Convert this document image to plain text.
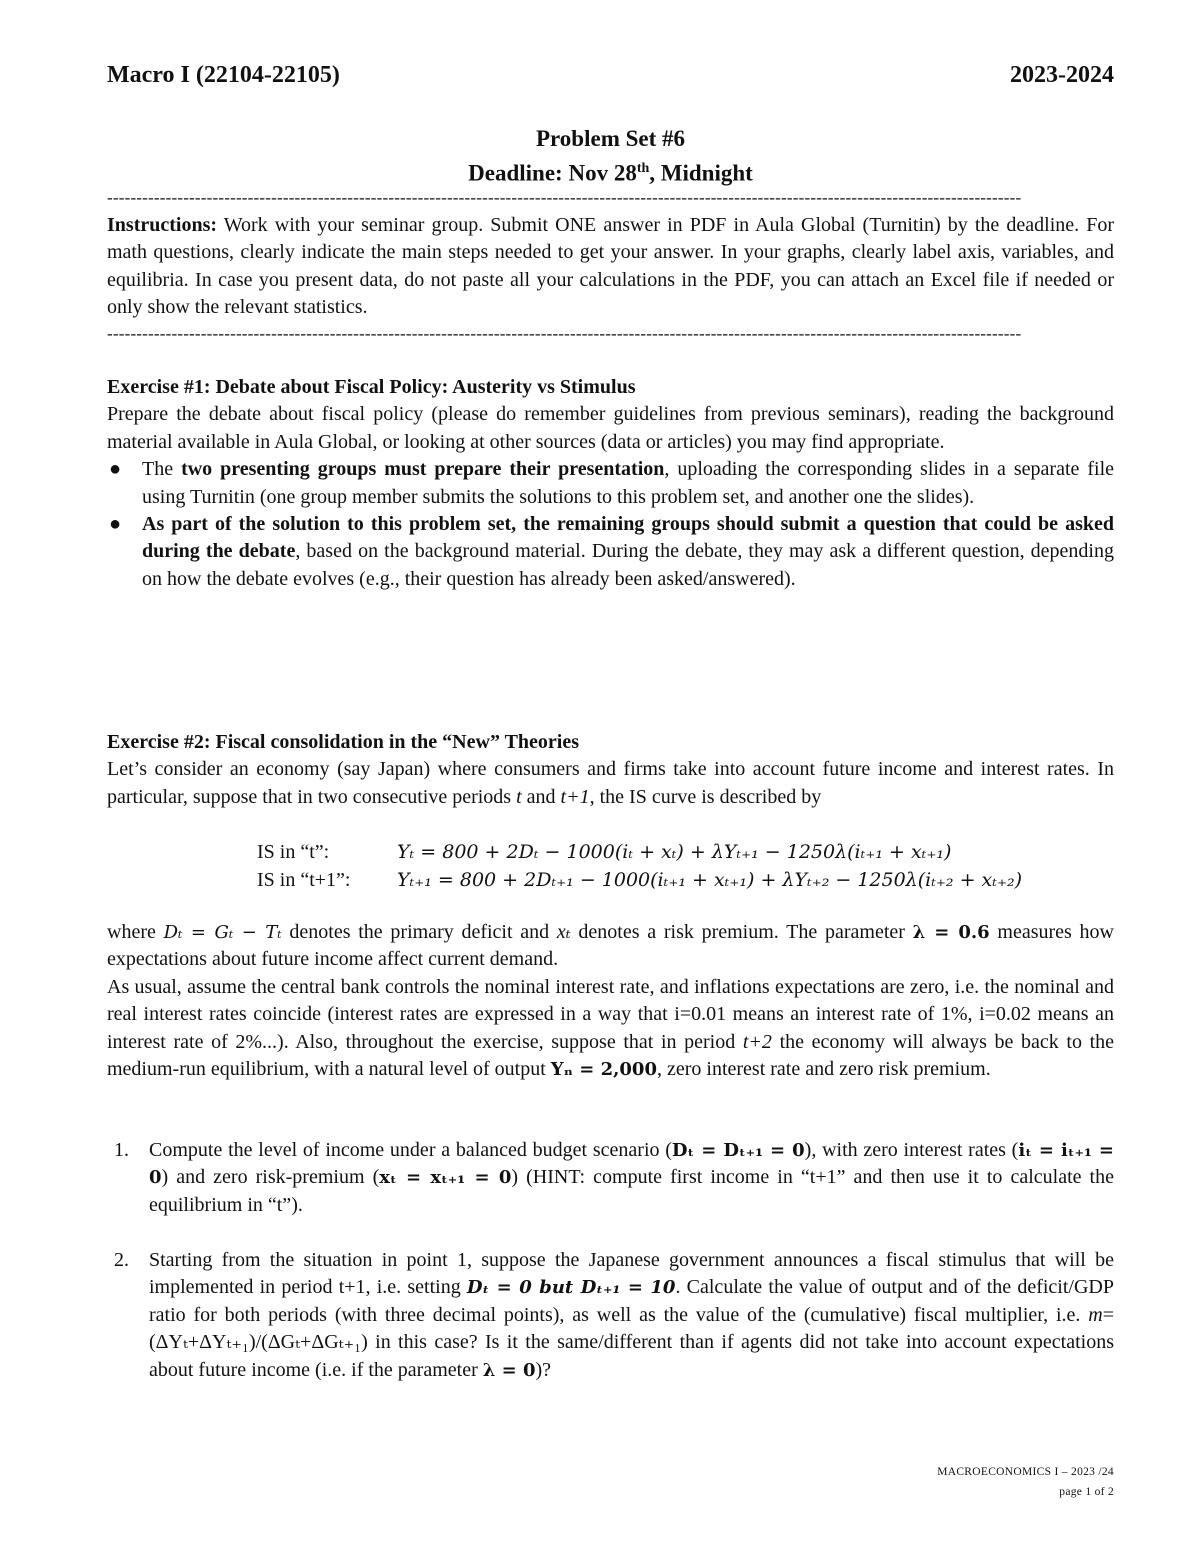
Macro I (22104-22105)	2023-2024
Problem Set #6
Deadline: Nov 28th, Midnight
------------------------------------------------------------------------------------------------------------------------------------------------------------
Instructions: Work with your seminar group. Submit ONE answer in PDF in Aula Global (Turnitin) by the deadline. For math questions, clearly indicate the main steps needed to get your answer. In your graphs, clearly label axis, variables, and equilibria. In case you present data, do not paste all your calculations in the PDF, you can attach an Excel file if needed or only show the relevant statistics.
------------------------------------------------------------------------------------------------------------------------------------------------------------
Exercise #1: Debate about Fiscal Policy: Austerity vs Stimulus
Prepare the debate about fiscal policy (please do remember guidelines from previous seminars), reading the background material available in Aula Global, or looking at other sources (data or articles) you may find appropriate.
● The two presenting groups must prepare their presentation, uploading the corresponding slides in a separate file using Turnitin (one group member submits the solutions to this problem set, and another one the slides).
● As part of the solution to this problem set, the remaining groups should submit a question that could be asked during the debate, based on the background material. During the debate, they may ask a different question, depending on how the debate evolves (e.g., their question has already been asked/answered).
Exercise #2: Fiscal consolidation in the “New” Theories
Let’s consider an economy (say Japan) where consumers and firms take into account future income and interest rates. In particular, suppose that in two consecutive periods t and t+1, the IS curve is described by
IS in “t”:	Yₜ = 800 + 2Dₜ − 1000(iₜ + xₜ) + λYₜ₊₁ − 1250λ(iₜ₊₁ + xₜ₊₁)
IS in “t+1”: Yₜ₊₁ = 800 + 2Dₜ₊₁ − 1000(iₜ₊₁ + xₜ₊₁) + λYₜ₊₂ − 1250λ(iₜ₊₂ + xₜ₊₂)
where Dₜ = Gₜ − Tₜ denotes the primary deficit and xₜ denotes a risk premium. The parameter λ = 0.6 measures how expectations about future income affect current demand.
As usual, assume the central bank controls the nominal interest rate, and inflations expectations are zero, i.e. the nominal and real interest rates coincide (interest rates are expressed in a way that i=0.01 means an interest rate of 1%, i=0.02 means an interest rate of 2%...). Also, throughout the exercise, suppose that in period t+2 the economy will always be back to the medium-run equilibrium, with a natural level of output Yₙ = 2,000, zero interest rate and zero risk premium.
1. Compute the level of income under a balanced budget scenario (Dₜ = Dₜ₊₁ = 0), with zero interest rates (iₜ = iₜ₊₁ = 0) and zero risk-premium (xₜ = xₜ₊₁ = 0) (HINT: compute first income in “t+1” and then use it to calculate the equilibrium in “t”).
2. Starting from the situation in point 1, suppose the Japanese government announces a fiscal stimulus that will be implemented in period t+1, i.e. setting Dₜ = 0 but Dₜ₊₁ = 10. Calculate the value of output and of the deficit/GDP ratio for both periods (with three decimal points), as well as the value of the (cumulative) fiscal multiplier, i.e. m=(ΔYₜ+ΔYₜ₊₁)/(ΔGₜ+ΔGₜ₊₁) in this case? Is it the same/different than if agents did not take into account expectations about future income (i.e. if the parameter λ = 0)?
MACROECONOMICS I – 2023 /24
page 1 of 2
